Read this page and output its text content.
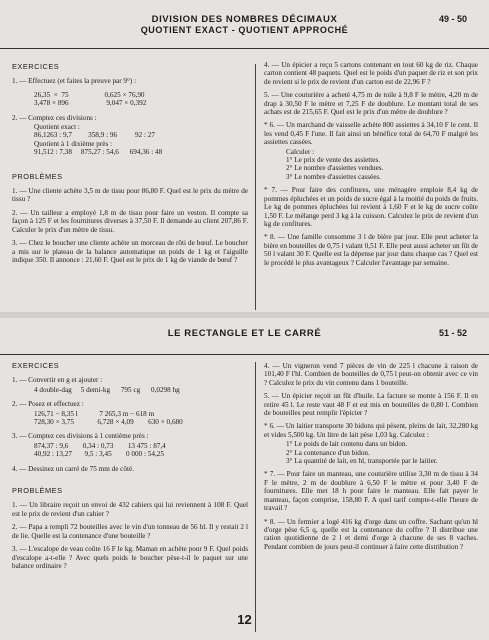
DIVISION DES NOMBRES DÉCIMAUX
QUOTIENT EXACT - QUOTIENT APPROCHÉ
49 - 50
EXERCICES
1. — Effectuez (et faites la preuve par 9°) :
26,35  ×  75                    0,625 × 76,90
3,478 × 896                     9,047 × 0,392
2. — Comptez ces divisions :
Quotient exact :
86,1263 : 9,7         358,9 : 96          92 : 27
Quotient à 1 dixième près :
91,512 : 7,38     875,27 : 54,6      694,36 : 48
PROBLÈMES
1. — Une cliente achète 3,5 m de tissu pour 86,80 F. Quel est le prix du mètre de tissu ?
2. — Un tailleur a employé 1,8 m de tissu pour faire un veston. Il compte sa façon à 125 F et les fournitures diverses à 37,50 F. Il demande au client 207,86 F. Calculer le prix d'un mètre de tissu.
3. — Chez le boucher une cliente achète un morceau de rôti de bœuf. Le boucher a mis sur le plateau de la balance automatique un poids de 1 kg et l'aiguille indique 350. Il annonce : 21,60 F. Quel est le prix de 1 kg de viande de bœuf ?
4. — Un épicier a reçu 5 cartons contenant en tout 60 kg de riz. Chaque carton contient 48 paquets. Quel est le poids d'un paquet de riz et son prix de revient si le prix de revient d'un carton est de 22,96 F ?
5. — Une couturière a acheté 4,75 m de toile à 9,8 F le mètre, 4,20 m de drap à 30,50 F le mètre et 7,25 F de doublure. Le montant total de ses achats est de 215,65 F. Quel est le prix d'un mètre de doublure ?
* 6. — Un marchand de vaisselle achète 800 assiettes à 34,10 F le cent. Il les vend 0,45 F l'une. Il fait ainsi un bénéfice total de 64,70 F malgré les assiettes cassées.
Calculer :
1° Le prix de vente des assiettes.
2° Le nombre d'assiettes vendues.
3° Le nombre d'assiettes cassées.
* 7. — Pour faire des confitures, une ménagère emploie 8,4 kg de pommes épluchées et un poids de sucre égal à la moitié du poids de fruits. Le kg de pommes épluchées lui revient à 1,60 F et le kg de sucre coûte 1,50 F. Le mélange perd 3 kg à la cuisson. Calculez le prix de revient d'un kg de confitures.
* 8. — Une famille consomme 3 l de bière par jour. Elle peut acheter la bière en bouteilles de 0,75 l valant 0,51 F. Elle peut aussi acheter un fût de 50 l valant 30 F. Quelle est la dépense par jour dans chaque cas ? Quel est le procédé le plus avantageux ? Calculer l'avantage par semaine.
LE RECTANGLE ET LE CARRÉ	51 - 52
EXERCICES
1. — Convertir en g et ajouter :
4 double-dag     5 demi-kg      795 cg      0,0298 hg
2. — Posez et effectuez :
126,71 − 8,35 l            7 265,3 m − 618 m
728,30 × 3,75             6,728 × 4,09        630 × 0,680
3. — Comptez ces divisions à 1 centième près :
874,37 : 9,6        0,34 : 0,73        13 475 : 87,4
40,92 : 13,27       9,5 : 3,45        0 000 : 54,25
4. — Dessinez un carré de 75 mm de côté.
PROBLÈMES
1. — Un libraire reçoit un envoi de 432 cahiers qui lui reviennent à 108 F. Quel est le prix de revient d'un cahier ?
2. — Papa a rempli 72 bouteilles avec le vin d'un tonneau de 56 hl. Il y restait 2 l de lie. Quelle est la contenance d'une bouteille ?
3. — L'escalope de veau coûte 16 F le kg. Maman en achète pour 9 F. Quel poids d'escalope a-t-elle ? Avec quels poids le boucher pèse-t-il le paquet sur une balance ordinaire ?
4. — Un vigneron vend 7 pièces de vin de 225 l chacune à raison de 101,40 F l'hl. Combien de bouteilles de 0,75 l peut-on obtenir avec ce vin ? Calculez le prix du vin contenu dans 1 bouteille.
5. — Un épicier reçoit un fût d'huile. La facture se monte à 156 F. Il en retire 45 l. Le reste vaut 48 F et est mis en bouteilles de 0,80 l. Combien de bouteilles peut remplir l'épicier ?
* 6. — Un laitier transporte 30 bidons qui pèsent, pleins de lait, 32,280 kg et vides 5,500 kg. Un litre de lait pèse 1,03 kg. Calculez :
1° Le poids de lait contenu dans un bidon.
2° La contenance d'un bidon.
3° La quantité de lait, en hl, transportée par le laitier.
* 7. — Pour faire un manteau, une couturière utilise 3,30 m de tissu à 34 F le mètre, 2 m de doublure à 6,50 F le mètre et pour 3,40 F de fournitures. Elle met 18 h pour faire le manteau. Elle fait payer le manteau, façon comprise, 158,80 F. A quel tarif compte-t-elle l'heure de travail ?
* 8. — Un fermier a logé 416 kg d'orge dans un coffre. Sachant qu'un hl d'orge pèse 6,5 q, quelle est la contenance du coffre ? Il distribue une ration quotidienne de 2 l et demi d'orge à chacune de ses 8 vaches. Pendant combien de jours peut-il continuer à faire cette distribution ?
12
